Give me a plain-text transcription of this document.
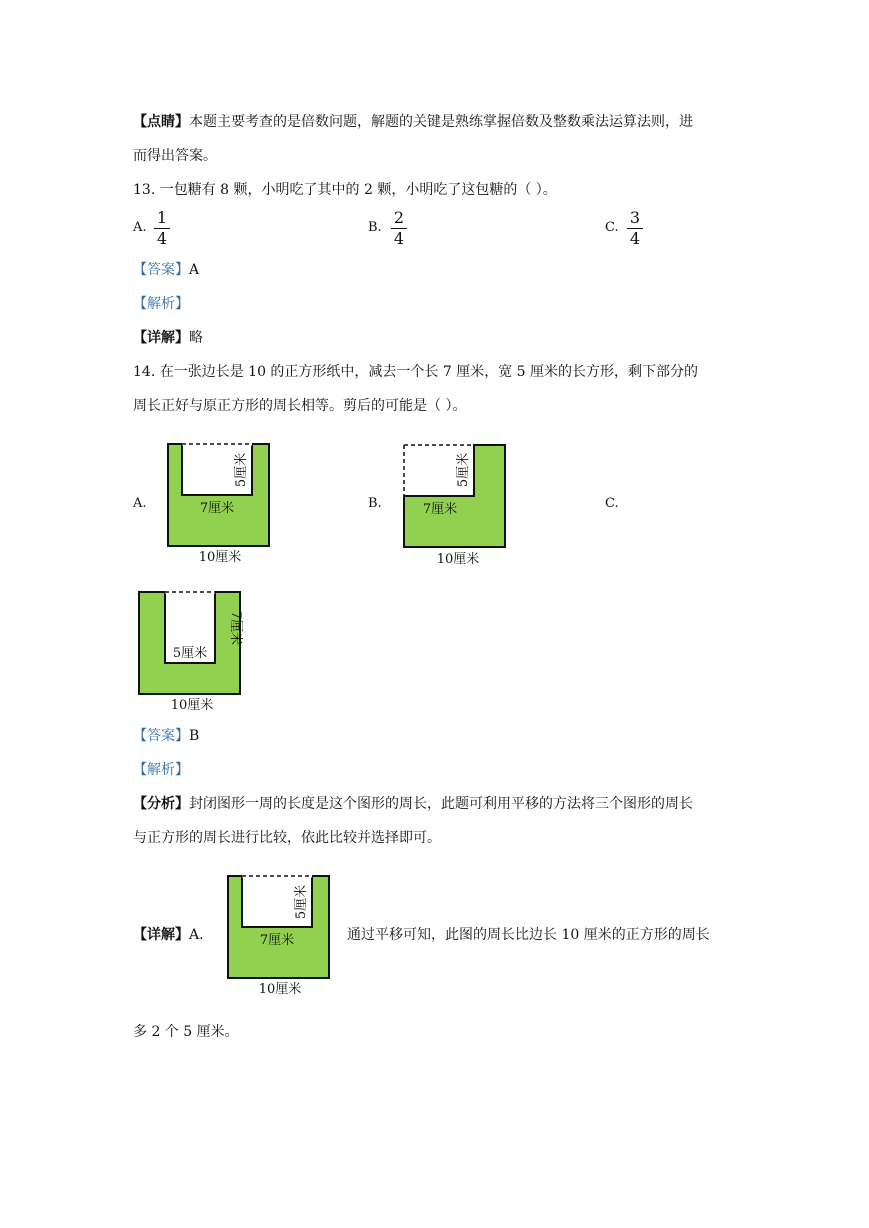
【点睛】本题主要考查的是倍数问题，解题的关键是熟练掌握倍数及整数乘法运算法则，进
而得出答案。
13. 一包糖有 8 颗，小明吃了其中的 2 颗，小明吃了这包糖的（ ）。
A.
1
4
B.
2
4
C.
3
4
【答案】A
【解析】
【详解】略
14. 在一张边长是 10 的正方形纸中，减去一个长 7 厘米，宽 5 厘米的长方形，剩下部分的
周长正好与原正方形的周长相等。剪后的可能是（ ）。
A.	7厘米
5厘米
10厘米
B.	7厘米
5厘米
10厘米
C.
5厘米
7厘米
10厘米
【答案】B
【解析】
【分析】封闭图形一周的长度是这个图形的周长，此题可利用平移的方法将三个图形的周长
与正方形的周长进行比较，依此比较并选择即可。
【详解】A.	7厘米
5厘米
10厘米
通过平移可知，此图的周长比边长 10 厘米的正方形的周长
多 2 个 5 厘米。
